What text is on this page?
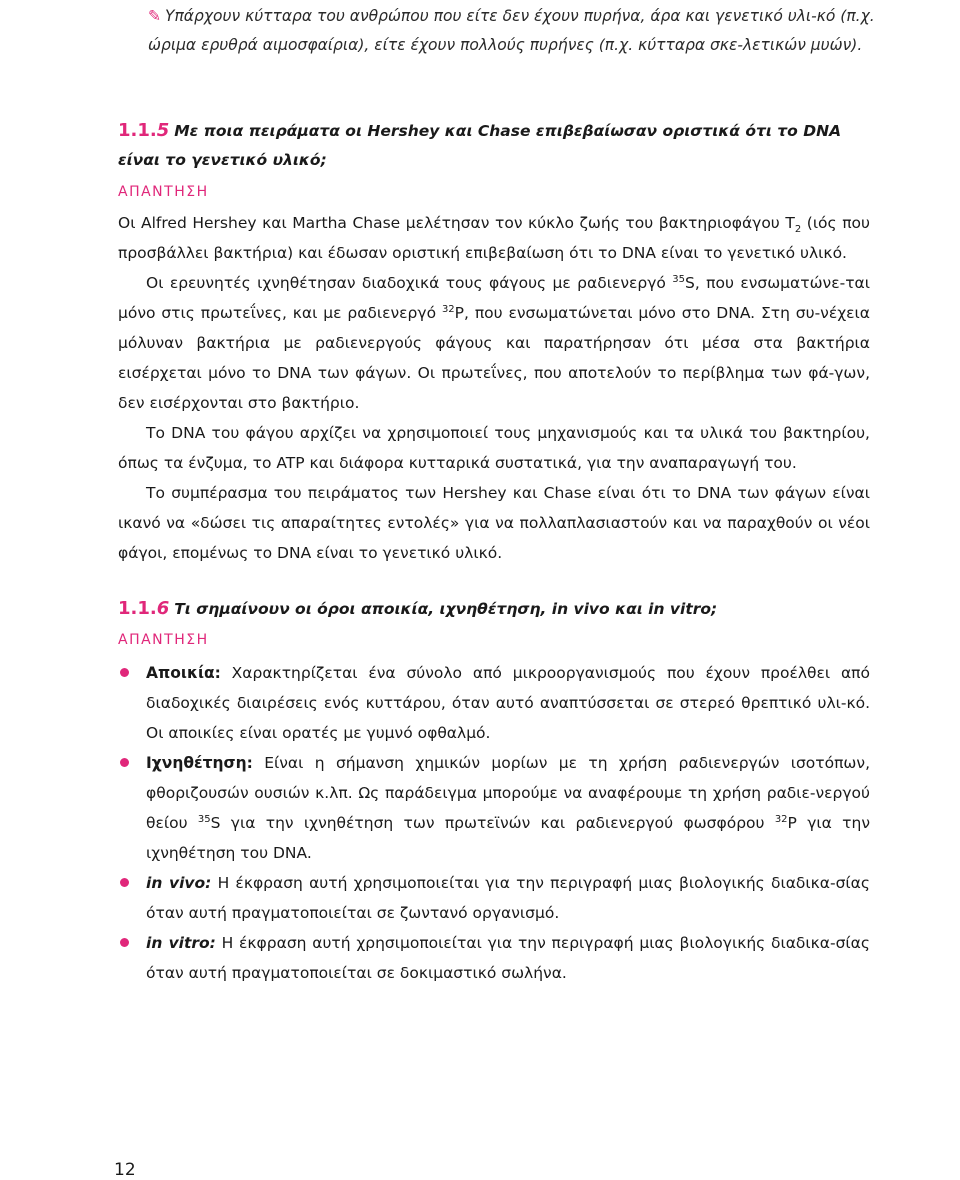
✎ Υπάρχουν κύτταρα του ανθρώπου που είτε δεν έχουν πυρήνα, άρα και γενετικό υλι-κό (π.χ. ώριμα ερυθρά αιμοσφαίρια), είτε έχουν πολλούς πυρήνες (π.χ. κύτταρα σκε-λετικών μυών).
1.1.5 Με ποια πειράματα οι Hershey και Chase επιβεβαίωσαν οριστικά ότι το DNA είναι το γενετικό υλικό;
ΑΠΑΝΤΗΣΗ

Οι Alfred Hershey και Martha Chase μελέτησαν τον κύκλο ζωής του βακτηριοφάγου $T_2$ (ιός που προσβάλλει βακτήρια) και έδωσαν οριστική επιβεβαίωση ότι το DNA είναι το γενετικό υλικό.

Οι ερευνητές ιχνηθέτησαν διαδοχικά τους φάγους με ραδιενεργό $^{35}$S, που ενσωματώνε-ται μόνο στις πρωτεΐνες, και με ραδιενεργό $^{32}$P, που ενσωματώνεται μόνο στο DNA. Στη συ-νέχεια μόλυναν βακτήρια με ραδιενεργούς φάγους και παρατήρησαν ότι μέσα στα βακτήρια εισέρχεται μόνο το DNA των φάγων. Οι πρωτεΐνες, που αποτελούν το περίβλημα των φά-γων, δεν εισέρχονται στο βακτήριο.

Το DNA του φάγου αρχίζει να χρησιμοποιεί τους μηχανισμούς και τα υλικά του βακτηρίου, όπως τα ένζυμα, το ATP και διάφορα κυτταρικά συστατικά, για την αναπαραγωγή του.

Το συμπέρασμα του πειράματος των Hershey και Chase είναι ότι το DNA των φάγων είναι ικανό να «δώσει τις απαραίτητες εντολές» για να πολλαπλασιαστούν και να παραχθούν οι νέοι φάγοι, επομένως το DNA είναι το γενετικό υλικό.

1.1.6 Τι σημαίνουν οι όροι αποικία, ιχνηθέτηση, in vivo και in vitro;
ΑΠΑΝΤΗΣΗ
Αποικία: Χαρακτηρίζεται ένα σύνολο από μικροοργανισμούς που έχουν προέλθει από διαδοχικές διαιρέσεις ενός κυττάρου, όταν αυτό αναπτύσσεται σε στερεό θρεπτικό υλι-κό. Οι αποικίες είναι ορατές με γυμνό οφθαλμό.
Ιχνηθέτηση: Είναι η σήμανση χημικών μορίων με τη χρήση ραδιενεργών ισοτόπων, φθοριζουσών ουσιών κ.λπ. Ως παράδειγμα μπορούμε να αναφέρουμε τη χρήση ραδιε-νεργού θείου $^{35}$S για την ιχνηθέτηση των πρωτεϊνών και ραδιενεργού φωσφόρου $^{32}$P για την ιχνηθέτηση του DNA.
in vivo: Η έκφραση αυτή χρησιμοποιείται για την περιγραφή μιας βιολογικής διαδικα-σίας όταν αυτή πραγματοποιείται σε ζωντανό οργανισμό.
in vitro: Η έκφραση αυτή χρησιμοποιείται για την περιγραφή μιας βιολογικής διαδικα-σίας όταν αυτή πραγματοποιείται σε δοκιμαστικό σωλήνα.
12
